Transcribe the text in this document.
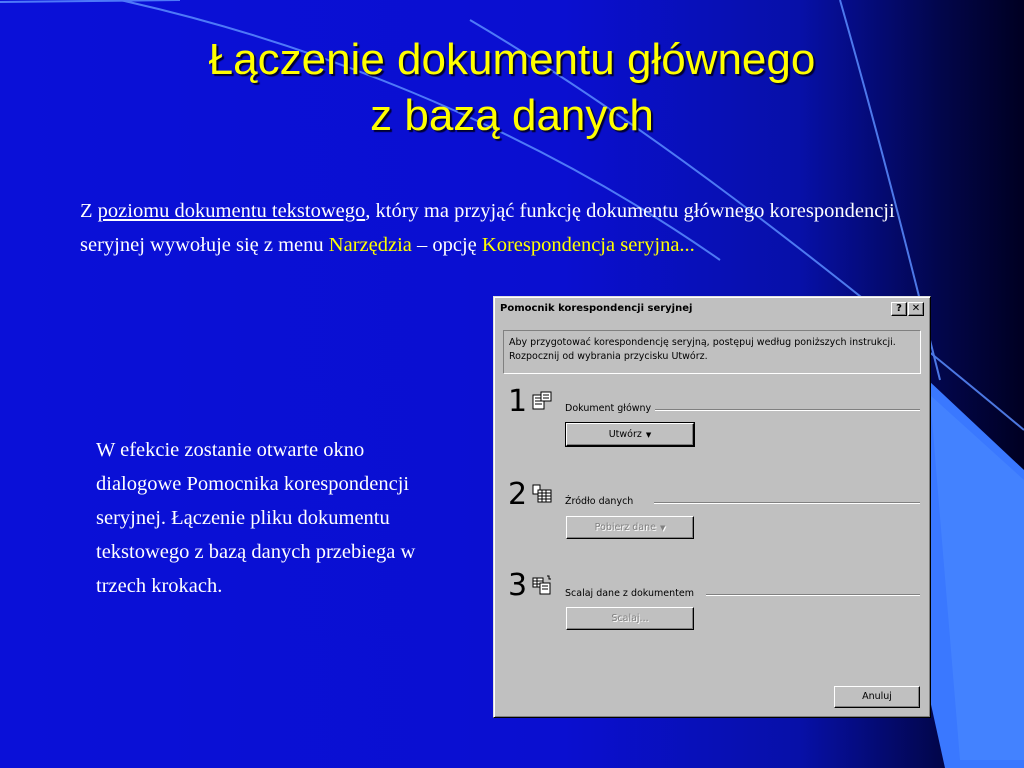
Łączenie dokumentu głównego
z bazą danych
Z poziomu dokumentu tekstowego, który ma przyjąć funkcję dokumentu głównego korespondencji seryjnej wywołuje się z menu Narzędzia – opcję Korespondencja seryjna...
W efekcie zostanie otwarte okno dialogowe Pomocnika korespondencji seryjnej. Łączenie pliku dokumentu tekstowego z bazą danych przebiega w trzech krokach.
Pomocnik korespondencji seryjnej	? ✕
Aby przygotować korespondencję seryjną, postępuj według poniższych instrukcji. Rozpocznij od wybrania przycisku Utwórz.
1	Dokument główny
Utwórz ▼
2	Źródło danych
Pobierz dane ▼
3	Scalaj dane z dokumentem
Scalaj...
Anuluj
